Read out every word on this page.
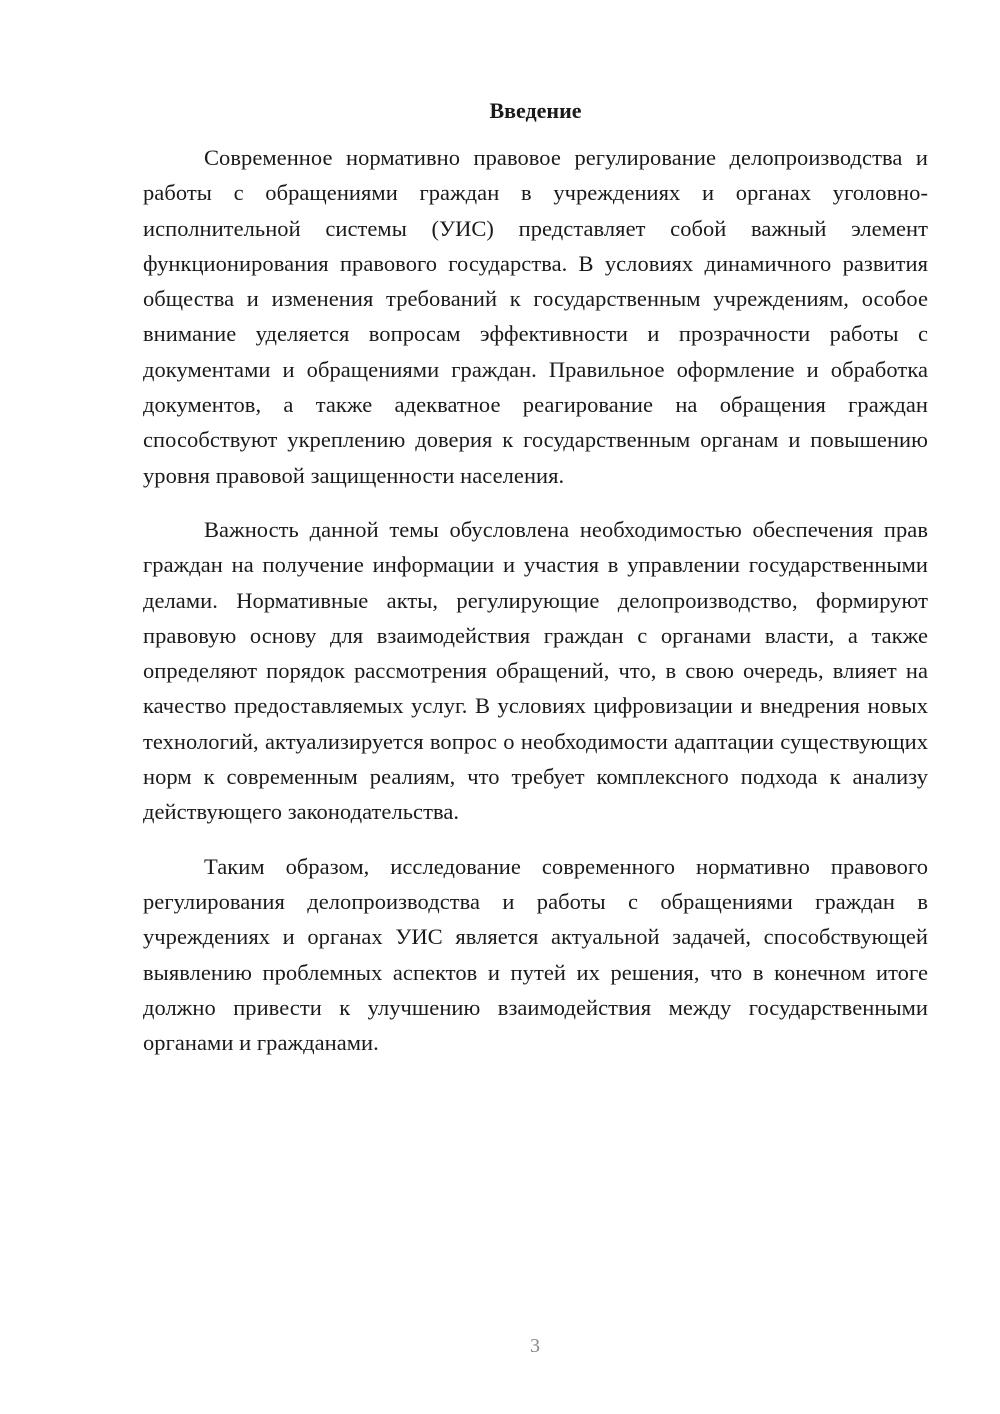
Введение

Современное нормативно правовое регулирование делопроизводства и работы с обращениями граждан в учреждениях и органах уголовно-исполнительной системы (УИС) представляет собой важный элемент функционирования правового государства. В условиях динамичного развития общества и изменения требований к государственным учреждениям, особое внимание уделяется вопросам эффективности и прозрачности работы с документами и обращениями граждан. Правильное оформление и обработка документов, а также адекватное реагирование на обращения граждан способствуют укреплению доверия к государственным органам и повышению уровня правовой защищенности населения.

Важность данной темы обусловлена необходимостью обеспечения прав граждан на получение информации и участия в управлении государственными делами. Нормативные акты, регулирующие делопроизводство, формируют правовую основу для взаимодействия граждан с органами власти, а также определяют порядок рассмотрения обращений, что, в свою очередь, влияет на качество предоставляемых услуг. В условиях цифровизации и внедрения новых технологий, актуализируется вопрос о необходимости адаптации существующих норм к современным реалиям, что требует комплексного подхода к анализу действующего законодательства.

Таким образом, исследование современного нормативно правового регулирования делопроизводства и работы с обращениями граждан в учреждениях и органах УИС является актуальной задачей, способствующей выявлению проблемных аспектов и путей их решения, что в конечном итоге должно привести к улучшению взаимодействия между государственными органами и гражданами.

3
